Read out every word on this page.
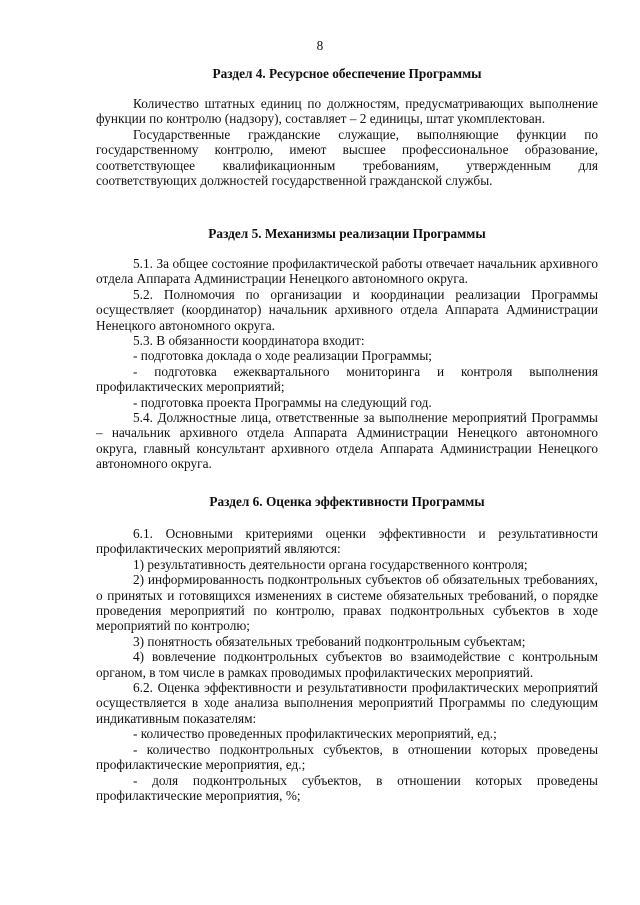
8
Раздел 4. Ресурсное обеспечение Программы

Количество штатных единиц по должностям, предусматривающих выполнение функции по контролю (надзору), составляет – 2 единицы, штат укомплектован.

Государственные гражданские служащие, выполняющие функции по государственному контролю, имеют высшее профессиональное образование, соответствующее квалификационным требованиям, утвержденным для соответствующих должностей государственной гражданской службы.

Раздел 5. Механизмы реализации Программы

5.1. За общее состояние профилактической работы отвечает начальник архивного отдела Аппарата Администрации Ненецкого автономного округа.

5.2. Полномочия по организации и координации реализации Программы осуществляет (координатор) начальник архивного отдела Аппарата Администрации Ненецкого автономного округа.

5.3. В обязанности координатора входит:

- подготовка доклада о ходе реализации Программы;

- подготовка ежеквартального мониторинга и контроля выполнения профилактических мероприятий;

- подготовка проекта Программы на следующий год.

5.4. Должностные лица, ответственные за выполнение мероприятий Программы – начальник архивного отдела Аппарата Администрации Ненецкого автономного округа, главный консультант архивного отдела Аппарата Администрации Ненецкого автономного округа.

Раздел 6. Оценка эффективности Программы

6.1. Основными критериями оценки эффективности и результативности профилактических мероприятий являются:

1) результативность деятельности органа государственного контроля;

2) информированность подконтрольных субъектов об обязательных требованиях, о принятых и готовящихся изменениях в системе обязательных требований, о порядке проведения мероприятий по контролю, правах подконтрольных субъектов в ходе мероприятий по контролю;

3) понятность обязательных требований подконтрольным субъектам;

4) вовлечение подконтрольных субъектов во взаимодействие с контрольным органом, в том числе в рамках проводимых профилактических мероприятий.

6.2. Оценка эффективности и результативности профилактических мероприятий осуществляется в ходе анализа выполнения мероприятий Программы по следующим индикативным показателям:

- количество проведенных профилактических мероприятий, ед.;

- количество подконтрольных субъектов, в отношении которых проведены профилактические мероприятия, ед.;

- доля подконтрольных субъектов, в отношении которых проведены профилактические мероприятия, %;
